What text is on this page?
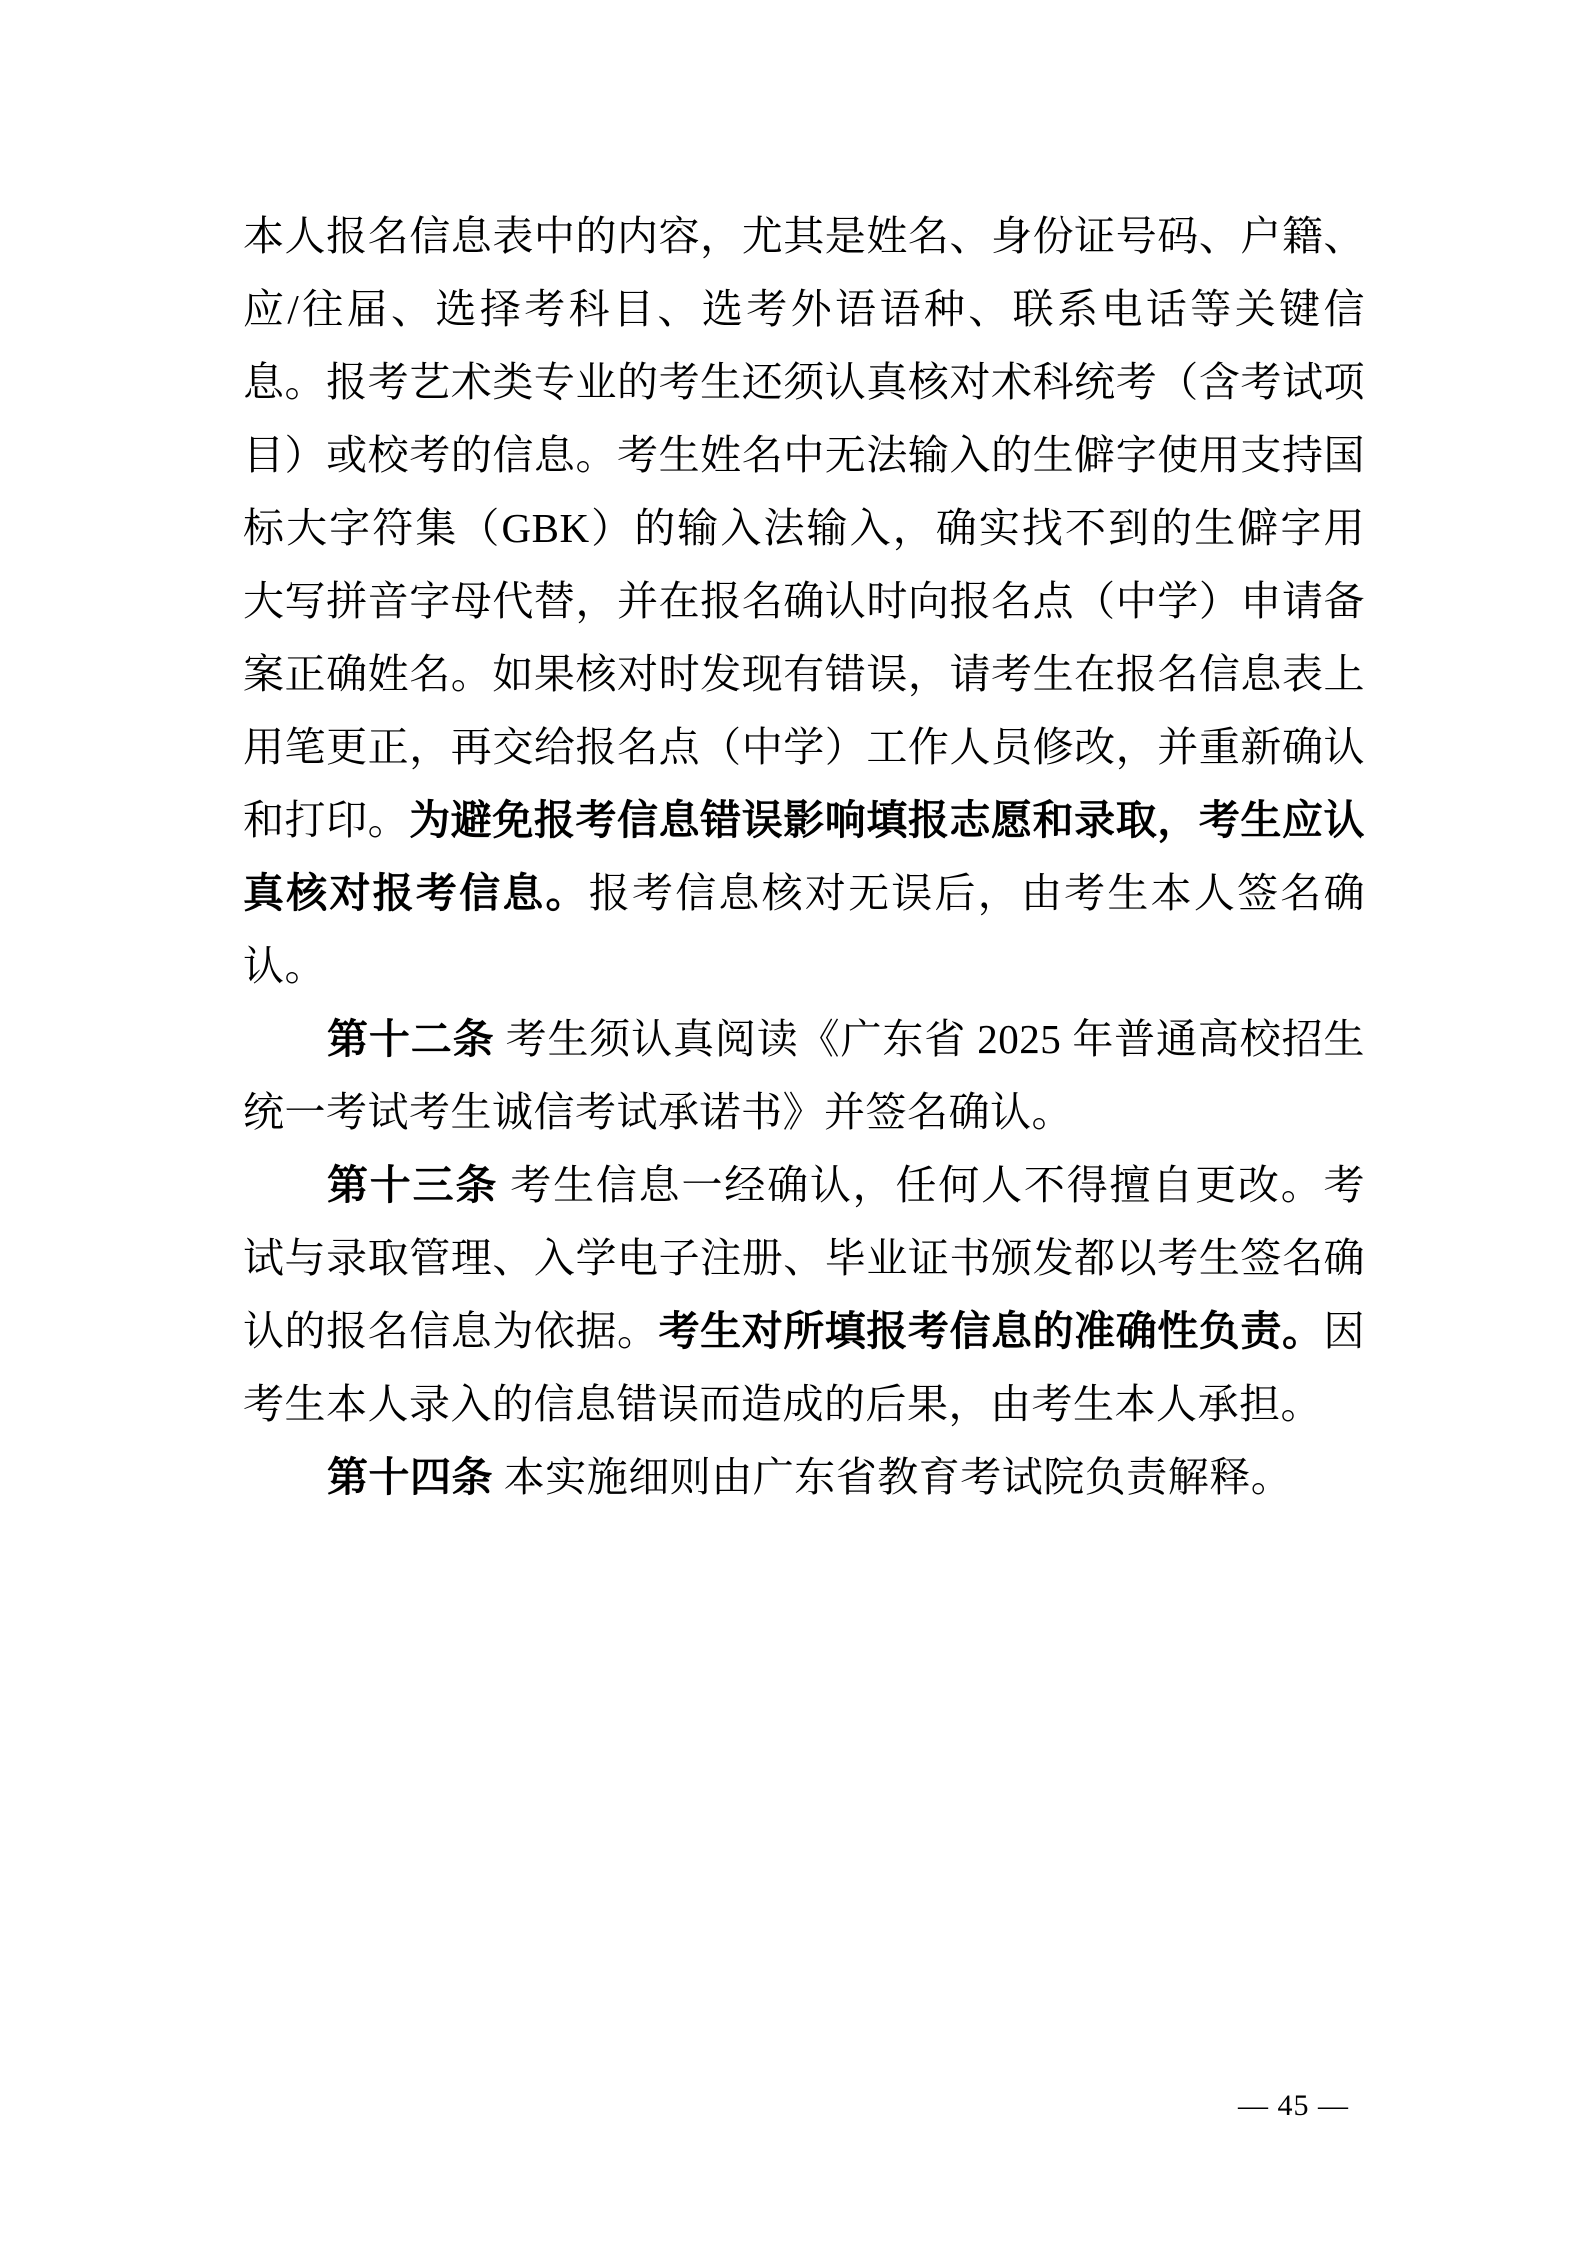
本人报名信息表中的内容，尤其是姓名、身份证号码、户籍、应/往届、选择考科目、选考外语语种、联系电话等关键信息。报考艺术类专业的考生还须认真核对术科统考（含考试项目）或校考的信息。考生姓名中无法输入的生僻字使用支持国标大字符集（GBK）的输入法输入，确实找不到的生僻字用大写拼音字母代替，并在报名确认时向报名点（中学）申请备案正确姓名。如果核对时发现有错误，请考生在报名信息表上用笔更正，再交给报名点（中学）工作人员修改，并重新确认和打印。为避免报考信息错误影响填报志愿和录取，考生应认真核对报考信息。报考信息核对无误后，由考生本人签名确认。

第十二条 考生须认真阅读《广东省 2025 年普通高校招生统一考试考生诚信考试承诺书》并签名确认。

第十三条 考生信息一经确认，任何人不得擅自更改。考试与录取管理、入学电子注册、毕业证书颁发都以考生签名确认的报名信息为依据。考生对所填报考信息的准确性负责。因考生本人录入的信息错误而造成的后果，由考生本人承担。

第十四条 本实施细则由广东省教育考试院负责解释。

— 45 —
